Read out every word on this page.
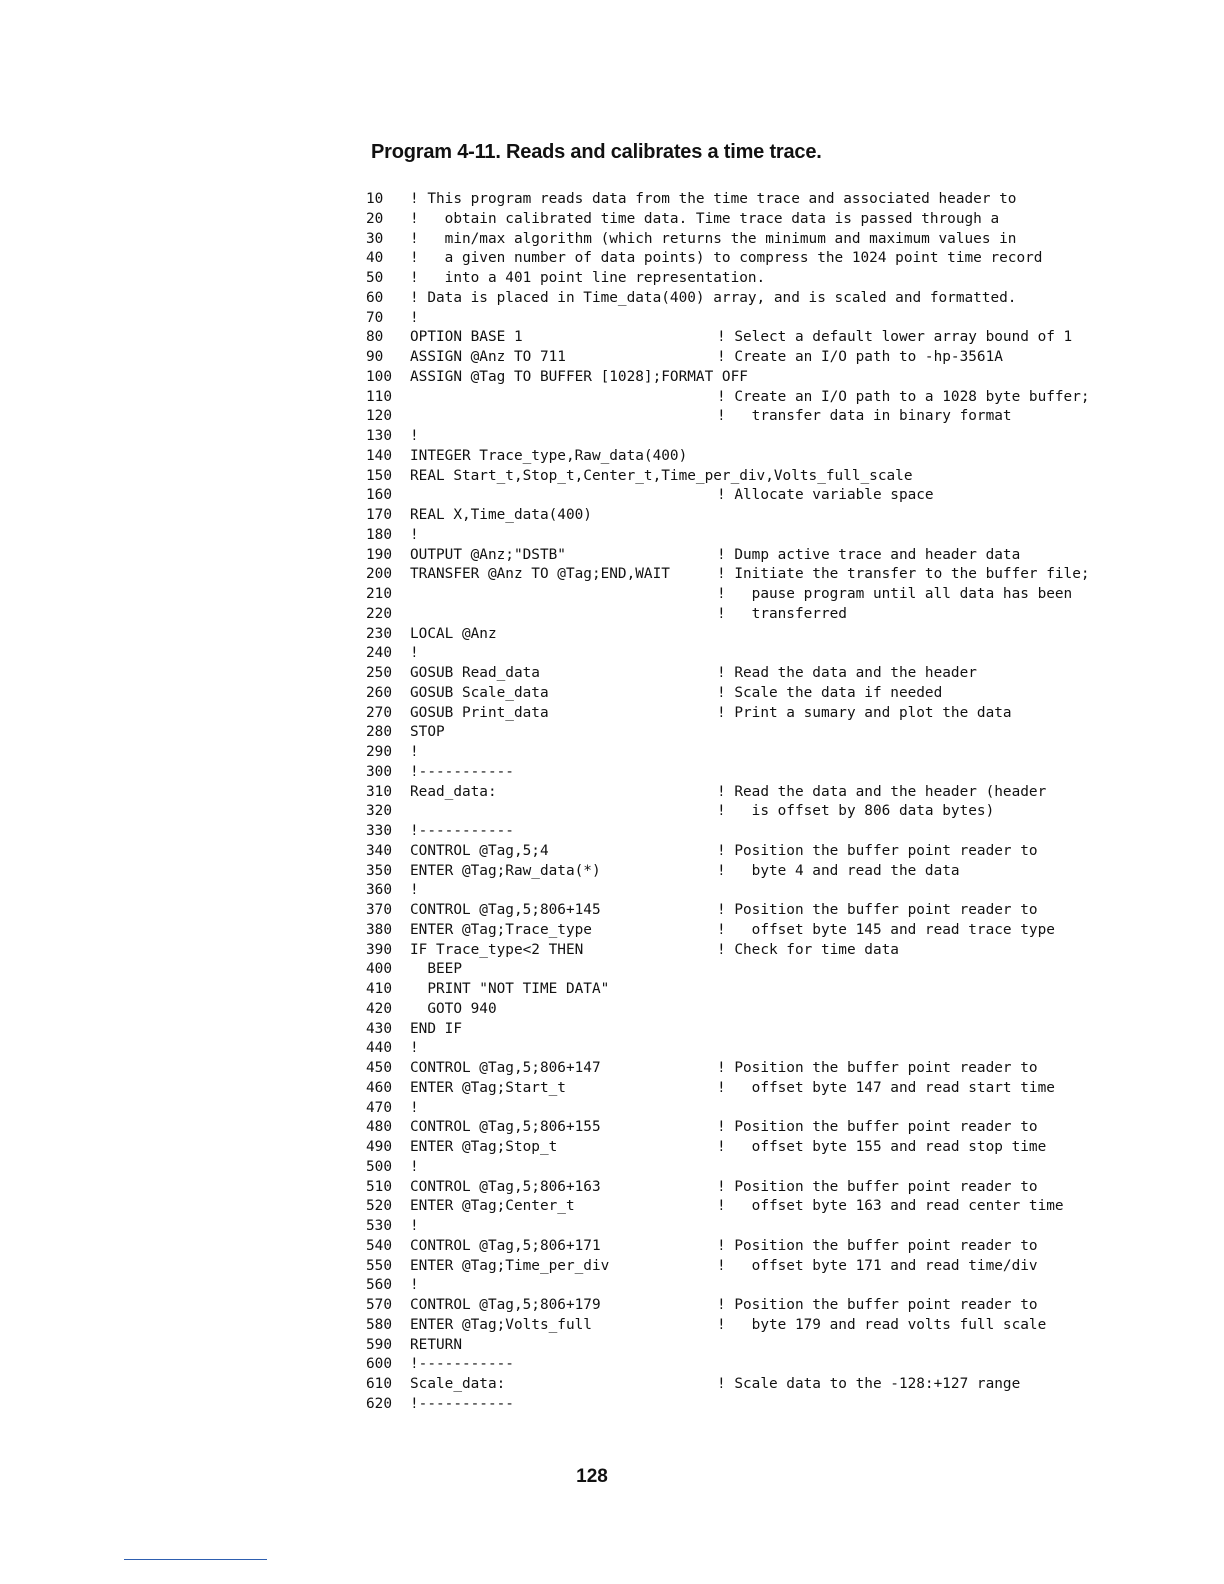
Program 4-11. Reads and calibrates a time trace.
10	! This program reads data from the time trace and associated header to
20	!   obtain calibrated time data. Time trace data is passed through a
30	!   min/max algorithm (which returns the minimum and maximum values in
40	!   a given number of data points) to compress the 1024 point time record
50	!   into a 401 point line representation.
60	! Data is placed in Time_data(400) array, and is scaled and formatted.
70	!
80	OPTION BASE 1	! Select a default lower array bound of 1
90	ASSIGN @Anz TO 711	! Create an I/O path to -hp-3561A
100	ASSIGN @Tag TO BUFFER [1028];FORMAT OFF
110	! Create an I/O path to a 1028 byte buffer;
120	!   transfer data in binary format
130	!
140	INTEGER Trace_type,Raw_data(400)
150	REAL Start_t,Stop_t,Center_t,Time_per_div,Volts_full_scale
160	! Allocate variable space
170	REAL X,Time_data(400)
180	!
190	OUTPUT @Anz;"DSTB"	! Dump active trace and header data
200	TRANSFER @Anz TO @Tag;END,WAIT	! Initiate the transfer to the buffer file;
210	!   pause program until all data has been
220	!   transferred
230	LOCAL @Anz
240	!
250	GOSUB Read_data	! Read the data and the header
260	GOSUB Scale_data	! Scale the data if needed
270	GOSUB Print_data	! Print a sumary and plot the data
280	STOP
290	!
300	!-----------
310	Read_data:	! Read the data and the header (header
320	!   is offset by 806 data bytes)
330	!-----------
340	CONTROL @Tag,5;4	! Position the buffer point reader to
350	ENTER @Tag;Raw_data(*)	!   byte 4 and read the data
360	!
370	CONTROL @Tag,5;806+145	! Position the buffer point reader to
380	ENTER @Tag;Trace_type	!   offset byte 145 and read trace type
390	IF Trace_type<2 THEN	! Check for time data
400	BEEP
410	PRINT "NOT TIME DATA"
420	GOTO 940
430	END IF
440	!
450	CONTROL @Tag,5;806+147	! Position the buffer point reader to
460	ENTER @Tag;Start_t	!   offset byte 147 and read start time
470	!
480	CONTROL @Tag,5;806+155	! Position the buffer point reader to
490	ENTER @Tag;Stop_t	!   offset byte 155 and read stop time
500	!
510	CONTROL @Tag,5;806+163	! Position the buffer point reader to
520	ENTER @Tag;Center_t	!   offset byte 163 and read center time
530	!
540	CONTROL @Tag,5;806+171	! Position the buffer point reader to
550	ENTER @Tag;Time_per_div	!   offset byte 171 and read time/div
560	!
570	CONTROL @Tag,5;806+179	! Position the buffer point reader to
580	ENTER @Tag;Volts_full	!   byte 179 and read volts full scale
590	RETURN
600	!-----------
610	Scale_data:	! Scale data to the -128:+127 range
620	!-----------
128
